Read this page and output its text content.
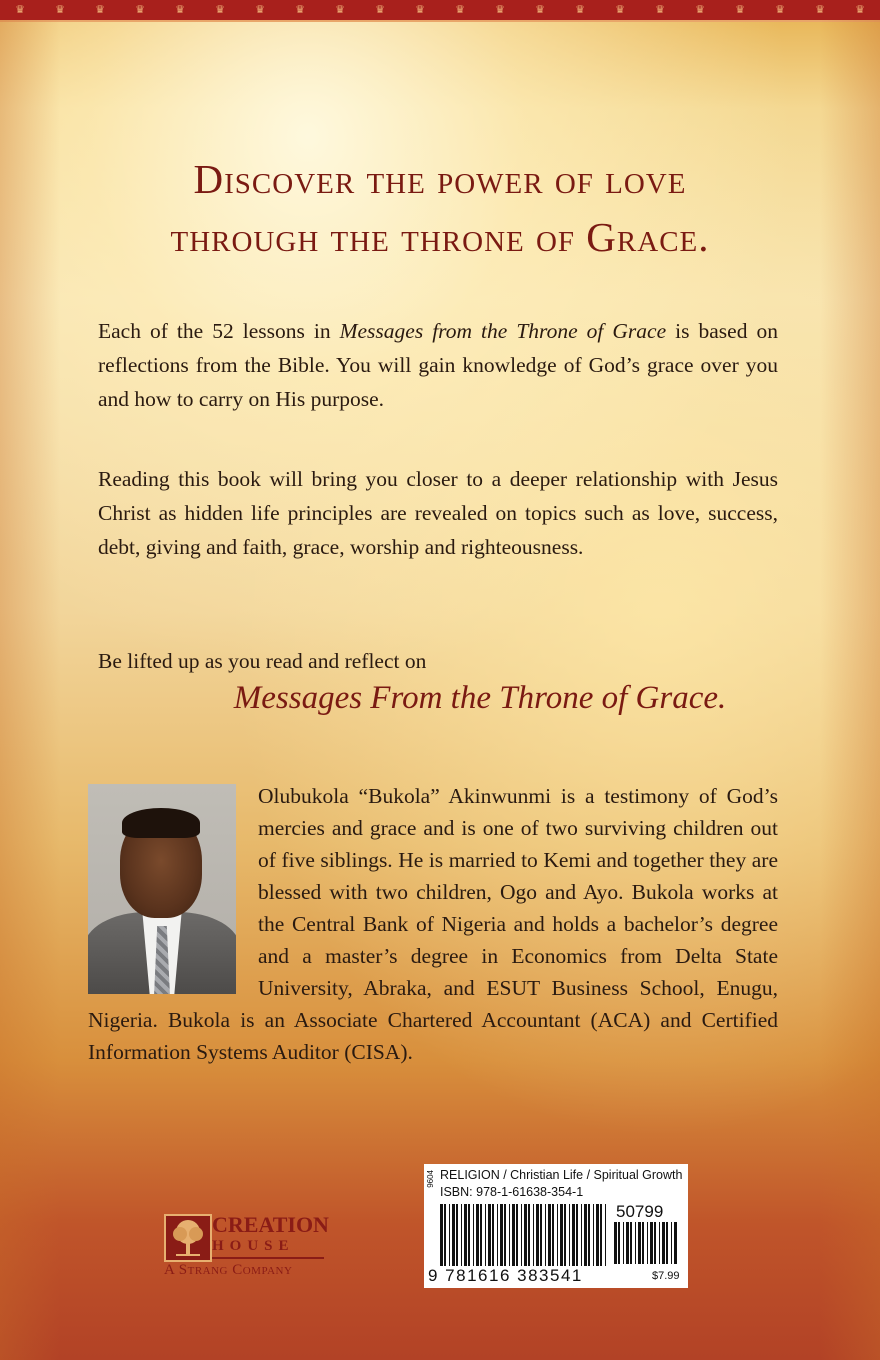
♛	♛	♛	♛	♛	♛	♛	♛	♛	♛	♛	♛	♛	♛	♛	♛	♛	♛	♛	♛	♛	♛
Discover the power of love
through the throne of Grace.
Each of the 52 lessons in Messages from the Throne of Grace is based on reflections from the Bible. You will gain knowledge of God’s grace over you and how to carry on His purpose.
Reading this book will bring you closer to a deeper relationship with Jesus Christ as hidden life principles are revealed on topics such as love, success, debt, giving and faith, grace, worship and righteousness.
Be lifted up as you read and reflect on
Messages From the Throne of Grace.
Olubukola “Bukola” Akinwunmi is a testimony of God’s mercies and grace and is one of two surviving children out of five siblings. He is married to Kemi and together they are blessed with two children, Ogo and Ayo. Bukola works at the Central Bank of Nigeria and holds a bachelor’s degree and a master’s degree in Economics from Delta State University, Abraka, and ESUT Business School, Enugu, Nigeria. Bukola is an Associate Chartered Accountant (ACA) and Certified Information Systems Auditor (CISA).
CREATION
HOUSE
A Strang Company
9604 RELIGION / Christian Life / Spiritual Growth
ISBN: 978-1-61638-354-1
50799
9 781616 383541	$7.99
